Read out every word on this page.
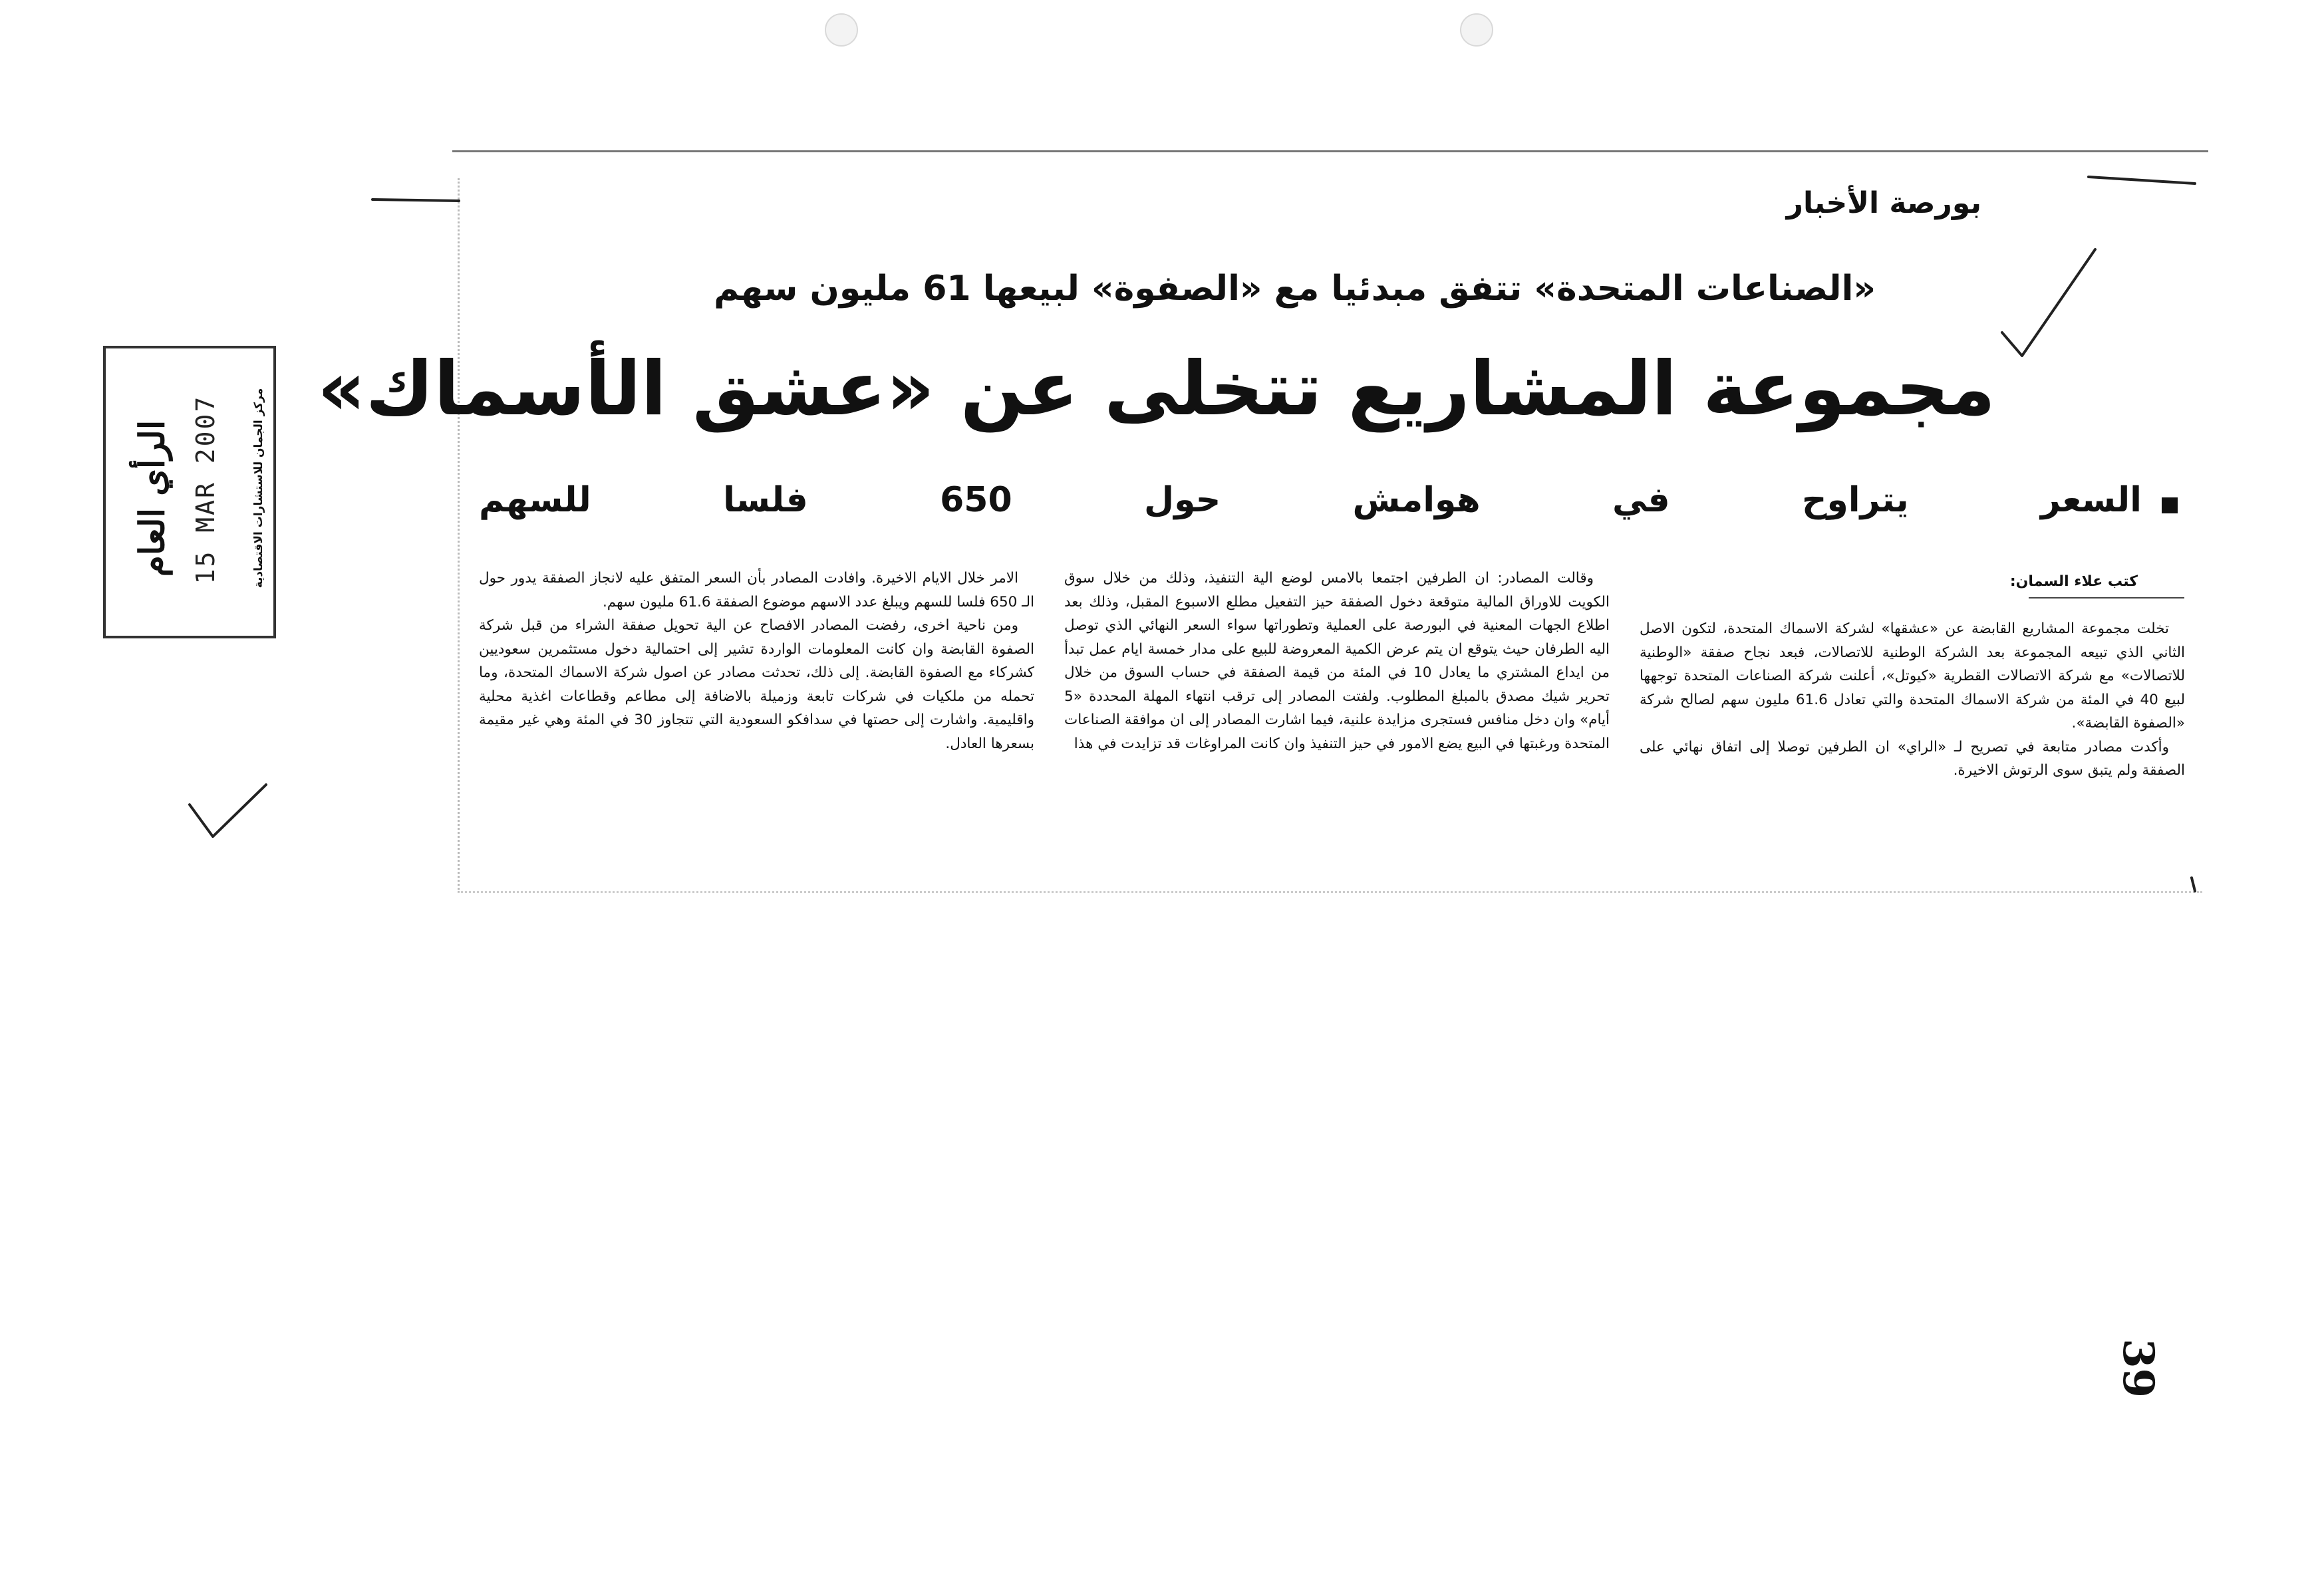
بورصة الأخبار
«الصناعات المتحدة» تتفق مبدئيا مع «الصفوة» لبيعها 61 مليون سهم
مجموعة المشاريع تتخلى عن «عشق الأسماك»
السعر يتراوح في هوامش حول 650 فلسا للسهم
كتب علاء السمان:

تخلت مجموعة المشاريع القابضة عن «عشقها» لشركة الاسماك المتحدة، لتكون الاصل الثاني الذي تبيعه المجموعة بعد الشركة الوطنية للاتصالات، فبعد نجاح صفقة «الوطنية للاتصالات» مع شركة الاتصالات القطرية «كيوتل»، أعلنت شركة الصناعات المتحدة توجهها لبيع 40 في المئة من شركة الاسماك المتحدة والتي تعادل 61.6 مليون سهم لصالح شركة «الصفوة القابضة».

وأكدت مصادر متابعة في تصريح لـ «الراي» ان الطرفين توصلا إلى اتفاق نهائي على الصفقة ولم يتبق سوى الرتوش الاخيرة.

وقالت المصادر: ان الطرفين اجتمعا بالامس لوضع الية التنفيذ، وذلك من خلال سوق الكويت للاوراق المالية متوقعة دخول الصفقة حيز التفعيل مطلع الاسبوع المقبل، وذلك بعد اطلاع الجهات المعنية في البورصة على العملية وتطوراتها سواء السعر النهائي الذي توصل اليه الطرفان حيث يتوقع ان يتم عرض الكمية المعروضة للبيع على مدار خمسة ايام عمل تبدأ من ايداع المشتري ما يعادل 10 في المئة من قيمة الصفقة في حساب السوق من خلال تحرير شيك مصدق بالمبلغ المطلوب. ولفتت المصادر إلى ترقب انتهاء المهلة المحددة «5 أيام» وان دخل منافس فستجرى مزايدة علنية، فيما اشارت المصادر إلى ان موافقة الصناعات المتحدة ورغبتها في البيع يضع الامور في حيز التنفيذ وان كانت المراوغات قد تزايدت في هذا

الامر خلال الايام الاخيرة. وافادت المصادر بأن السعر المتفق عليه لانجاز الصفقة يدور حول الـ 650 فلسا للسهم ويبلغ عدد الاسهم موضوع الصفقة 61.6 مليون سهم.

ومن ناحية اخرى، رفضت المصادر الافصاح عن الية تحويل صفقة الشراء من قبل شركة الصفوة القابضة وان كانت المعلومات الواردة تشير إلى احتمالية دخول مستثمرين سعوديين كشركاء مع الصفوة القابضة. إلى ذلك، تحدثت مصادر عن اصول شركة الاسماك المتحدة، وما تحمله من ملكيات في شركات تابعة وزميلة بالاضافة إلى مطاعم وقطاعات اغذية محلية واقليمية. واشارت إلى حصتها في سدافكو السعودية التي تتجاوز 30 في المئة وهي غير مقيمة بسعرها العادل.

الرأي العام 15 MAR 2007	مركز الجمان للاستشارات الاقتصادية
39
